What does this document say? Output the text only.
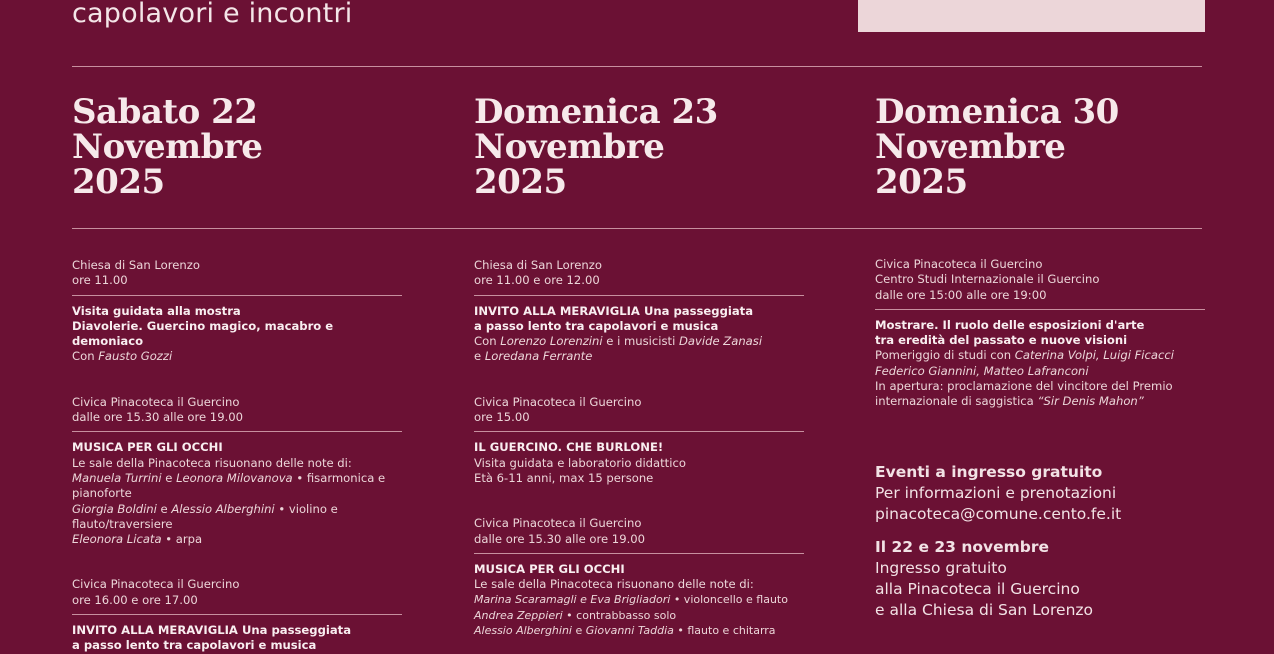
capolavori e incontri
Sabato 22
Novembre
2025
Domenica 23
Novembre
2025
Domenica 30
Novembre
2025
Chiesa di San Lorenzo
ore 11.00
Visita guidata alla mostra
Diavolerie. Guercino magico, macabro e demoniaco
Con Fausto Gozzi
Civica Pinacoteca il Guercino
dalle ore 15.30 alle ore 19.00
MUSICA PER GLI OCCHI
Le sale della Pinacoteca risuonano delle note di:
Manuela Turrini e Leonora Milovanova • fisarmonica e pianoforte
Giorgia Boldini e Alessio Alberghini • violino e flauto/traversiere
Eleonora Licata • arpa
Civica Pinacoteca il Guercino
ore 16.00 e ore 17.00
INVITO ALLA MERAVIGLIA Una passeggiata
a passo lento tra capolavori e musica
Chiesa di San Lorenzo
ore 11.00 e ore 12.00
INVITO ALLA MERAVIGLIA Una passeggiata
a passo lento tra capolavori e musica
Con Lorenzo Lorenzini e i musicisti Davide Zanasi
e Loredana Ferrante
Civica Pinacoteca il Guercino
ore 15.00
IL GUERCINO. CHE BURLONE!
Visita guidata e laboratorio didattico
Età 6-11 anni, max 15 persone
Civica Pinacoteca il Guercino
dalle ore 15.30 alle ore 19.00
MUSICA PER GLI OCCHI
Le sale della Pinacoteca risuonano delle note di:
Marina Scaramagli e Eva Brigliadori • violoncello e flauto
Andrea Zeppieri • contrabbasso solo
Alessio Alberghini e Giovanni Taddia • flauto e chitarra
Civica Pinacoteca il Guercino
Centro Studi Internazionale il Guercino
dalle ore 15:00 alle ore 19:00
Mostrare. Il ruolo delle esposizioni d'arte
tra eredità del passato e nuove visioni
Pomeriggio di studi con Caterina Volpi, Luigi Ficacci
Federico Giannini, Matteo Lafranconi
In apertura: proclamazione del vincitore del Premio
internazionale di saggistica “Sir Denis Mahon”
Eventi a ingresso gratuito
Per informazioni e prenotazioni
pinacoteca@comune.cento.fe.it
Il 22 e 23 novembre
Ingresso gratuito
alla Pinacoteca il Guercino
e alla Chiesa di San Lorenzo
